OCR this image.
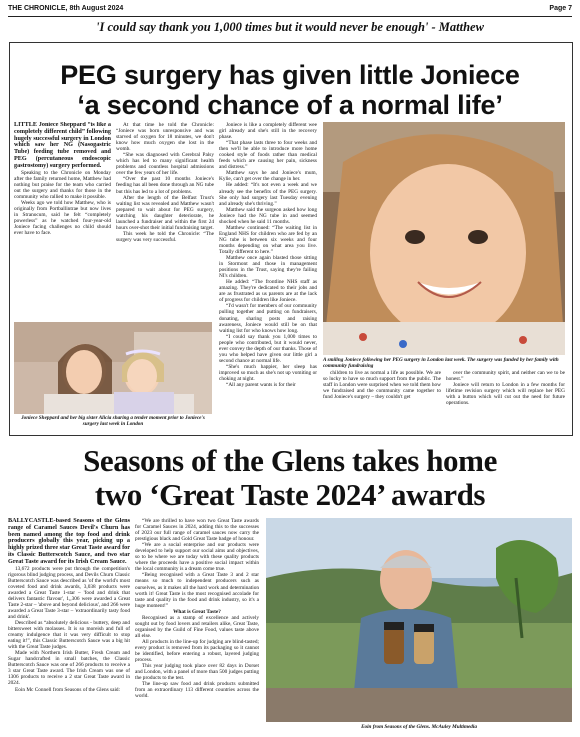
THE CHRONICLE, 8th August 2024	Page 7
'I could say thank you 1,000 times but it would never be enough' - Matthew
PEG surgery has given little Joniece
‘a second chance of a normal life’

LITTLE Joniece Sheppard “is like a completely different child” following hugely successful surgery in London which saw her NG (Nasogastric Tube) feeding tube removed and PEG (percutaneous endoscopic gastrostomy) surgery performed.

Speaking to the Chronicle on Monday after the family returned home, Matthew had nothing but praise for the team who carried out the surgery and thanks for those in the community who rallied to make it possible.

Weeks ago we told how Matthew, who is originally from Portballintrae but now lives in Stranocum, said he felt “completely powerless” as he watched four-year-old Joniece facing challenges no child should ever have to face.

At that time he told the Chronicle: “Joniece was born unresponsive and was starved of oxygen for 18 minutes, we don't know how much oxygen she lost in the womb.

“She was diagnosed with Cerebral Palsy which has led to many significant health problems and countless hospital admissions over the few years of her life.

“Over the past 10 months Joniece's feeding has all been done through an NG tube but this has led to a lot of problems.

After the length of the Belfast Trust's waiting list was revealed and Matthew wasn't prepared to wait about for PEG surgery, watching his daughter deteriorate, he launched a fundraiser and within the first 24 hours over-shot their initial fundraising target.

This week he told the Chronicle: “The surgery was very successful.

Joniece is like a completely different wee girl already and she's still in the recovery phase.

“That phase lasts three to four weeks and then we'll be able to introduce more home cooked style of foods rather than medical feeds which are causing her pain, sickness and distress.”

Matthew says he and Joniece's mum, Kylie, can't get over the change in her.

He added: “It's not even a week and we already see the benefits of the PEG surgery. She only had surgery last Tuesday evening and already she's thriving.”

Matthew said the surgeon asked how long Joniece had the NG tube in and seemed shocked when he said 11 months.

Matthew continued: “The waiting list in England NHS for children who are fed by an NG tube is between six weeks and four months depending on what area you live. Totally different to here.”

Matthew once again blasted those sitting in Stormont and those in management positions in the Trust, saying they're failing NI's children.

He added: “The frontline NHS staff as amazing. They're dedicated to their jobs and are as frustrated as us parents are at the lack of progress for children like Joniece.

“I'd wasn't for members of our community pulling together and putting on fundraisers, donating, sharing posts and raising awareness, Joniece would still be on that waiting list for who knows how long.

“I could say thank you 1,000 times to people who contributed, but it would never, ever convey the depth of our thanks. Those of you who helped have given our little girl a second chance at normal life.

“She's much happier, her sleep has improved so much as she's not up vomiting or choking at night.

“All any parent wants is for their

Joniece Sheppard and her big sister Alicia sharing a tender moment prior to Joniece's surgery last week in London
A smiling Joniece following her PEG surgery in London last week. The surgery was funded by her family with community fundraising

children to live as normal a life as possible. We are so lucky to have so much support from the public. The staff in London were surprised when we told them how we fundraised and the community came together to fund Joniece's surgery – they couldn't get

over the community spirit, and neither can we to be honest.”

Joniece will return to London in a few months for lifetime revision surgery which will replace her PEG with a button which will cut out the need for future operations.

Seasons of the Glens takes home
two ‘Great Taste 2024’ awards

BALLYCASTLE-based Seasons of the Glens range of Caramel Sauces Devil's Churn has been named among the top food and drink producers globally this year, picking up a highly prized three star Great Taste award for its Classic Butterscotch Sauce, and two star Great Taste award for its Irish Cream Sauce.

13,672 products were put through the competition's rigorous blind judging process, and Devils Churn Classic Butterscotch Sauce was described as 'of the world's most coveted food and drink awards, 3,038 products were awarded a Great Taste 1-star – 'food and drink that delivers fantastic flavour', 1,,306 were awarded a Great Taste 2-star – 'above and beyond delicious', and 266 were awarded a Great Taste 3-star – 'extraordinarily tasty food and drink'.

Described as “absolutely delicious - buttery, deep and bittersweet with molasses. It is so moreish and full of creamy indulgence that it was very difficult to stop eating it!”, this Classic Butterscotch Sauce was a big hit with the Great Taste judges.

Made with Northern Irish Butter, Fresh Cream and Sugar handcrafted in small batches, the Classic Butterscotch Sauce was one of 266 products to receive a 3 star Great Taste award. The Irish Cream was one of 1306 products to receive a 2 star Great Taste award in 2024.

Eoin Mc Connell from Seasons of the Glens said:

“We are thrilled to have won two Great Taste awards for Caramel Sauces in 2024, adding this to the successes of 2023 our full range of caramel sauces now carry the prestigious black and Gold Great Taste badge of honour.

“We are a social enterprise and our products were developed to help support our social aims and objectives, so to be where we are today with these quality products where the proceeds have a positive social impact within the local community is a dream come true.

“Being recognised with a Great Taste 3 and 2 star means so much to independent producers such as ourselves, as it makes all the hard work and determination worth it! Great Taste is the most recognised accolade for taste and quality in the food and drink industry, so it's a huge moment!”

What is Great Taste?

Recognised as a stamp of excellence and actively sought out by food lovers and retailers alike, Great Taste, organised by the Guild of Fine Food, values taste above all else.

All products in the line-up for judging are blind-tasted; every product is removed from its packaging so it cannot be identified, before entering a robust, layered judging process.

This year judging took place over 82 days in Dorset and London, with a panel of more than 500 judges putting the products to the test.

The line-up saw food and drink products submitted from an extraordinary 113 different countries across the world.

Eoin from Seasons of the Glens. McAuley Multimedia
